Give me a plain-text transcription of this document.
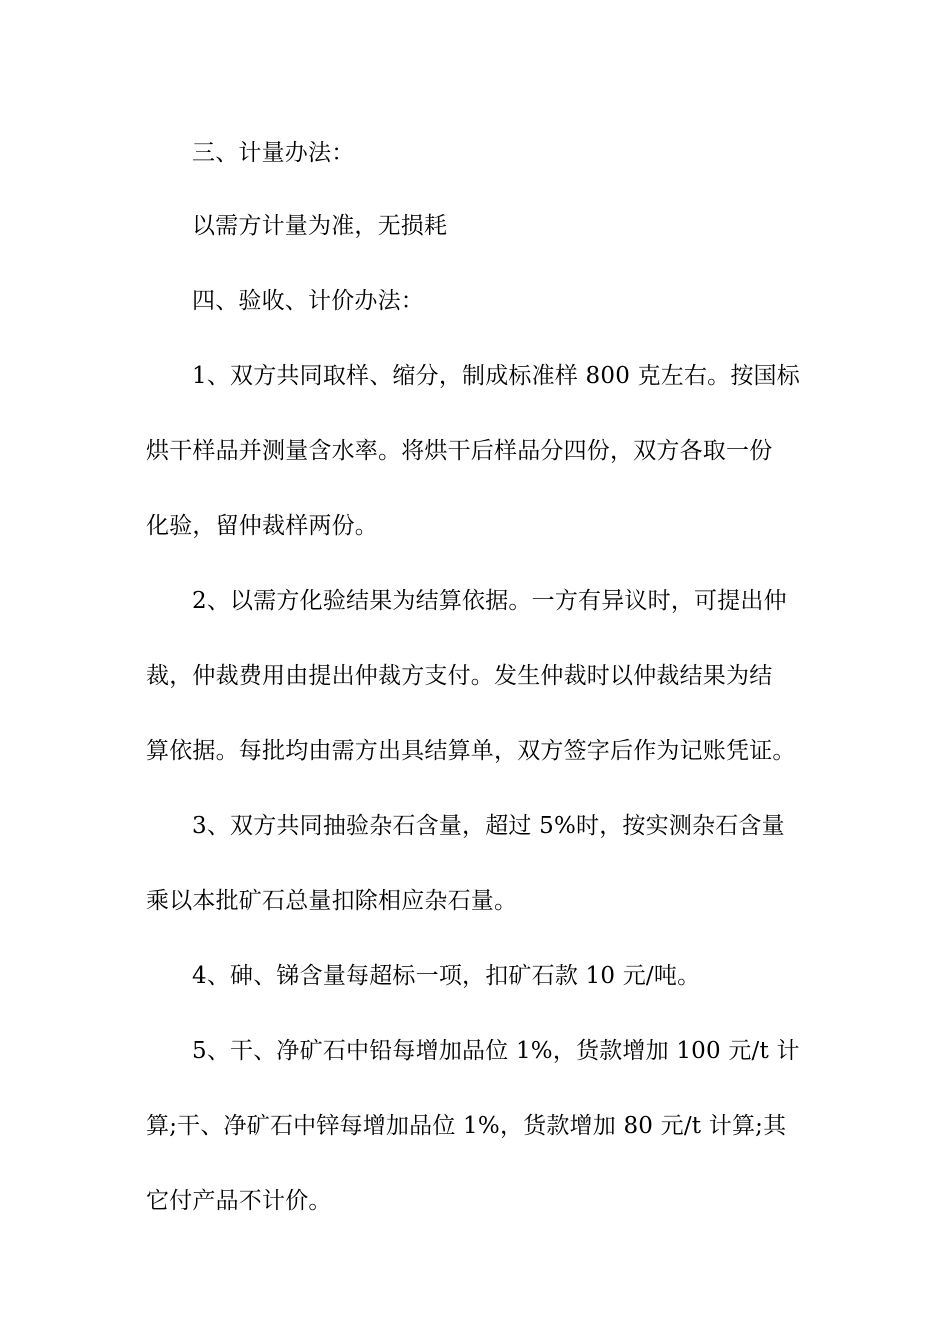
三、计量办法：
以需方计量为准，无损耗
四、验收、计价办法：
1、双方共同取样、缩分，制成标准样 800 克左右。按国标
烘干样品并测量含水率。将烘干后样品分四份，双方各取一份
化验，留仲裁样两份。
2、以需方化验结果为结算依据。一方有异议时，可提出仲
裁，仲裁费用由提出仲裁方支付。发生仲裁时以仲裁结果为结
算依据。每批均由需方出具结算单，双方签字后作为记账凭证。
3、双方共同抽验杂石含量，超过 5%时，按实测杂石含量
乘以本批矿石总量扣除相应杂石量。
4、砷、锑含量每超标一项，扣矿石款 10 元/吨。
5、干、净矿石中铅每增加品位 1%，货款增加 100 元/t 计
算;干、净矿石中锌每增加品位 1%，货款增加 80 元/t 计算;其
它付产品不计价。
